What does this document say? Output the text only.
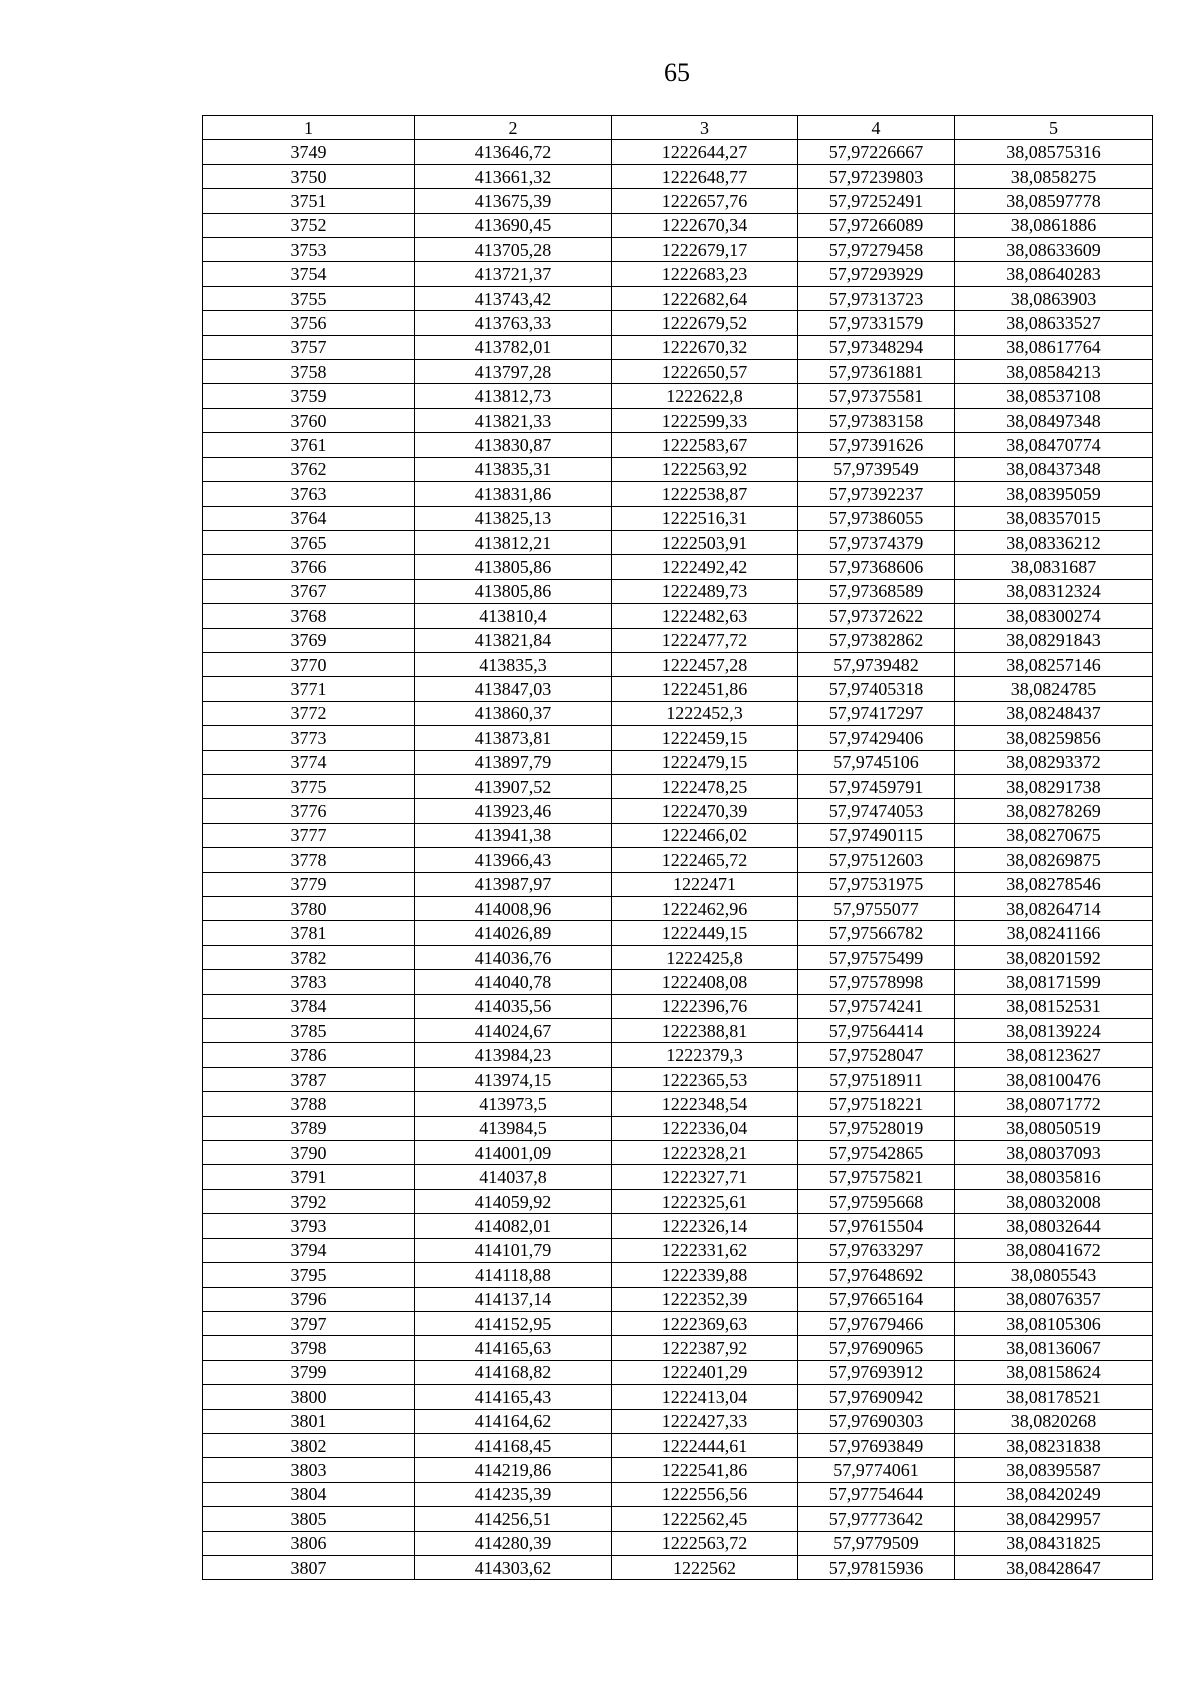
65
1	2	3	4	5
3749	413646,72	1222644,27	57,97226667	38,08575316
3750	413661,32	1222648,77	57,97239803	38,0858275
3751	413675,39	1222657,76	57,97252491	38,08597778
3752	413690,45	1222670,34	57,97266089	38,0861886
3753	413705,28	1222679,17	57,97279458	38,08633609
3754	413721,37	1222683,23	57,97293929	38,08640283
3755	413743,42	1222682,64	57,97313723	38,0863903
3756	413763,33	1222679,52	57,97331579	38,08633527
3757	413782,01	1222670,32	57,97348294	38,08617764
3758	413797,28	1222650,57	57,97361881	38,08584213
3759	413812,73	1222622,8	57,97375581	38,08537108
3760	413821,33	1222599,33	57,97383158	38,08497348
3761	413830,87	1222583,67	57,97391626	38,08470774
3762	413835,31	1222563,92	57,9739549	38,08437348
3763	413831,86	1222538,87	57,97392237	38,08395059
3764	413825,13	1222516,31	57,97386055	38,08357015
3765	413812,21	1222503,91	57,97374379	38,08336212
3766	413805,86	1222492,42	57,97368606	38,0831687
3767	413805,86	1222489,73	57,97368589	38,08312324
3768	413810,4	1222482,63	57,97372622	38,08300274
3769	413821,84	1222477,72	57,97382862	38,08291843
3770	413835,3	1222457,28	57,9739482	38,08257146
3771	413847,03	1222451,86	57,97405318	38,0824785
3772	413860,37	1222452,3	57,97417297	38,08248437
3773	413873,81	1222459,15	57,97429406	38,08259856
3774	413897,79	1222479,15	57,9745106	38,08293372
3775	413907,52	1222478,25	57,97459791	38,08291738
3776	413923,46	1222470,39	57,97474053	38,08278269
3777	413941,38	1222466,02	57,97490115	38,08270675
3778	413966,43	1222465,72	57,97512603	38,08269875
3779	413987,97	1222471	57,97531975	38,08278546
3780	414008,96	1222462,96	57,9755077	38,08264714
3781	414026,89	1222449,15	57,97566782	38,08241166
3782	414036,76	1222425,8	57,97575499	38,08201592
3783	414040,78	1222408,08	57,97578998	38,08171599
3784	414035,56	1222396,76	57,97574241	38,08152531
3785	414024,67	1222388,81	57,97564414	38,08139224
3786	413984,23	1222379,3	57,97528047	38,08123627
3787	413974,15	1222365,53	57,97518911	38,08100476
3788	413973,5	1222348,54	57,97518221	38,08071772
3789	413984,5	1222336,04	57,97528019	38,08050519
3790	414001,09	1222328,21	57,97542865	38,08037093
3791	414037,8	1222327,71	57,97575821	38,08035816
3792	414059,92	1222325,61	57,97595668	38,08032008
3793	414082,01	1222326,14	57,97615504	38,08032644
3794	414101,79	1222331,62	57,97633297	38,08041672
3795	414118,88	1222339,88	57,97648692	38,0805543
3796	414137,14	1222352,39	57,97665164	38,08076357
3797	414152,95	1222369,63	57,97679466	38,08105306
3798	414165,63	1222387,92	57,97690965	38,08136067
3799	414168,82	1222401,29	57,97693912	38,08158624
3800	414165,43	1222413,04	57,97690942	38,08178521
3801	414164,62	1222427,33	57,97690303	38,0820268
3802	414168,45	1222444,61	57,97693849	38,08231838
3803	414219,86	1222541,86	57,9774061	38,08395587
3804	414235,39	1222556,56	57,97754644	38,08420249
3805	414256,51	1222562,45	57,97773642	38,08429957
3806	414280,39	1222563,72	57,9779509	38,08431825
3807	414303,62	1222562	57,97815936	38,08428647
